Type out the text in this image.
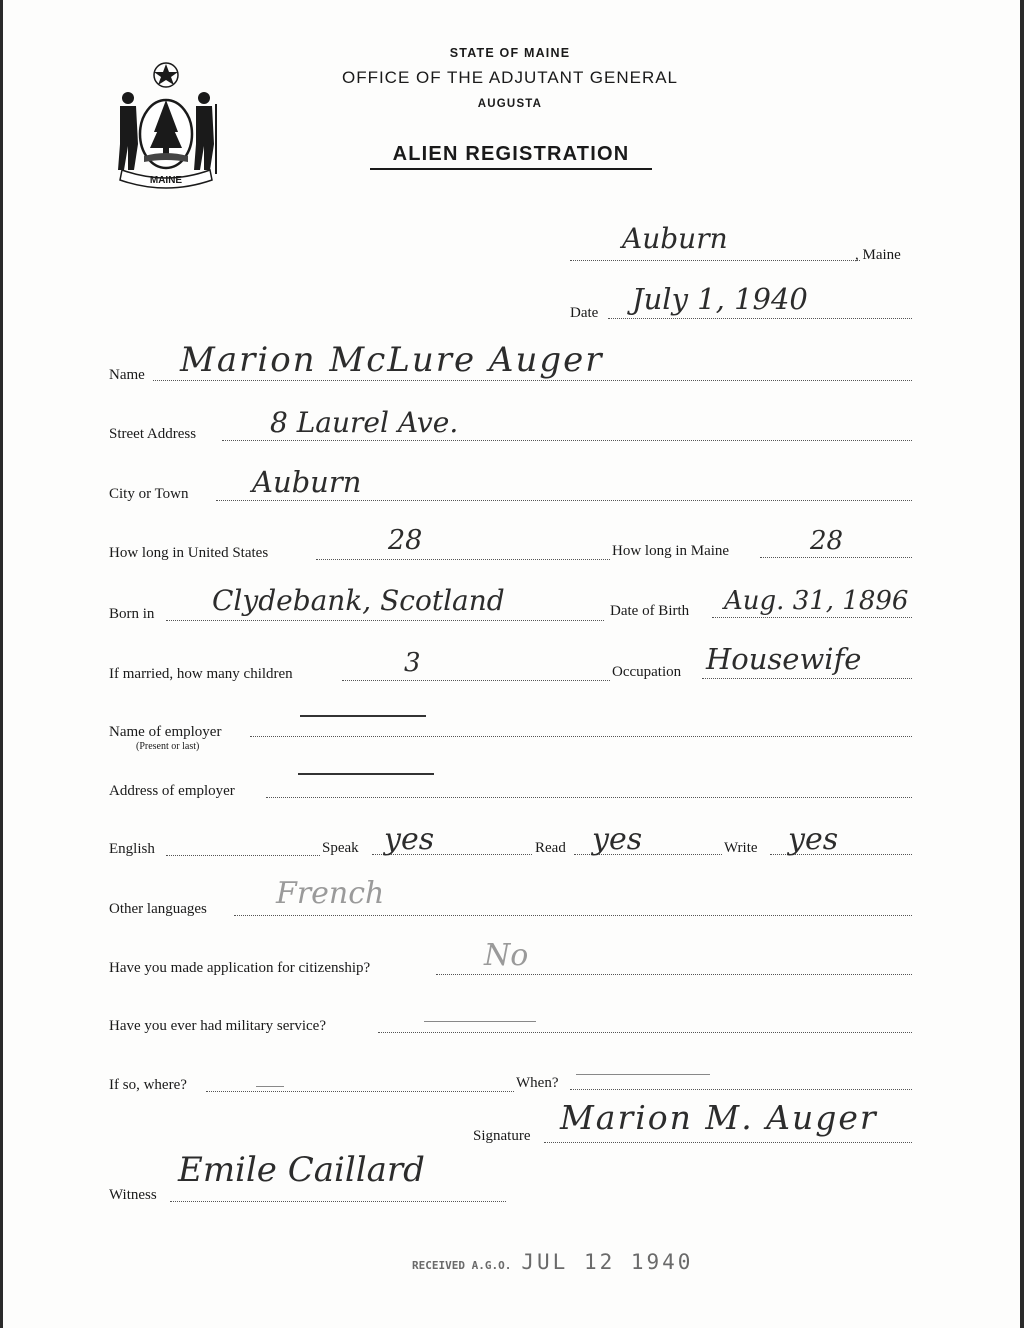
MAINE
STATE OF MAINE
OFFICE OF THE ADJUTANT GENERAL
AUGUSTA
ALIEN REGISTRATION
Auburn	, Maine
Date July 1, 1940
Name Marion McLure Auger
Street Address	8 Laurel Ave.
City or Town Auburn
How long in United States	28	How long in Maine	28
Born in Clydebank, Scotland	Date of Birth Aug. 31, 1896
If married, how many children	3	Occupation Housewife
Name of employer
(Present or last)
Address of employer
English	Speak yes	Read yes	Write yes
Other languages French
Have you made application for citizenship?	No
Have you ever had military service?
If so, where?	When?
Signature Marion M. Auger
Witness
Emile Caillard
RECEIVED A.G.O. JUL 12 1940
